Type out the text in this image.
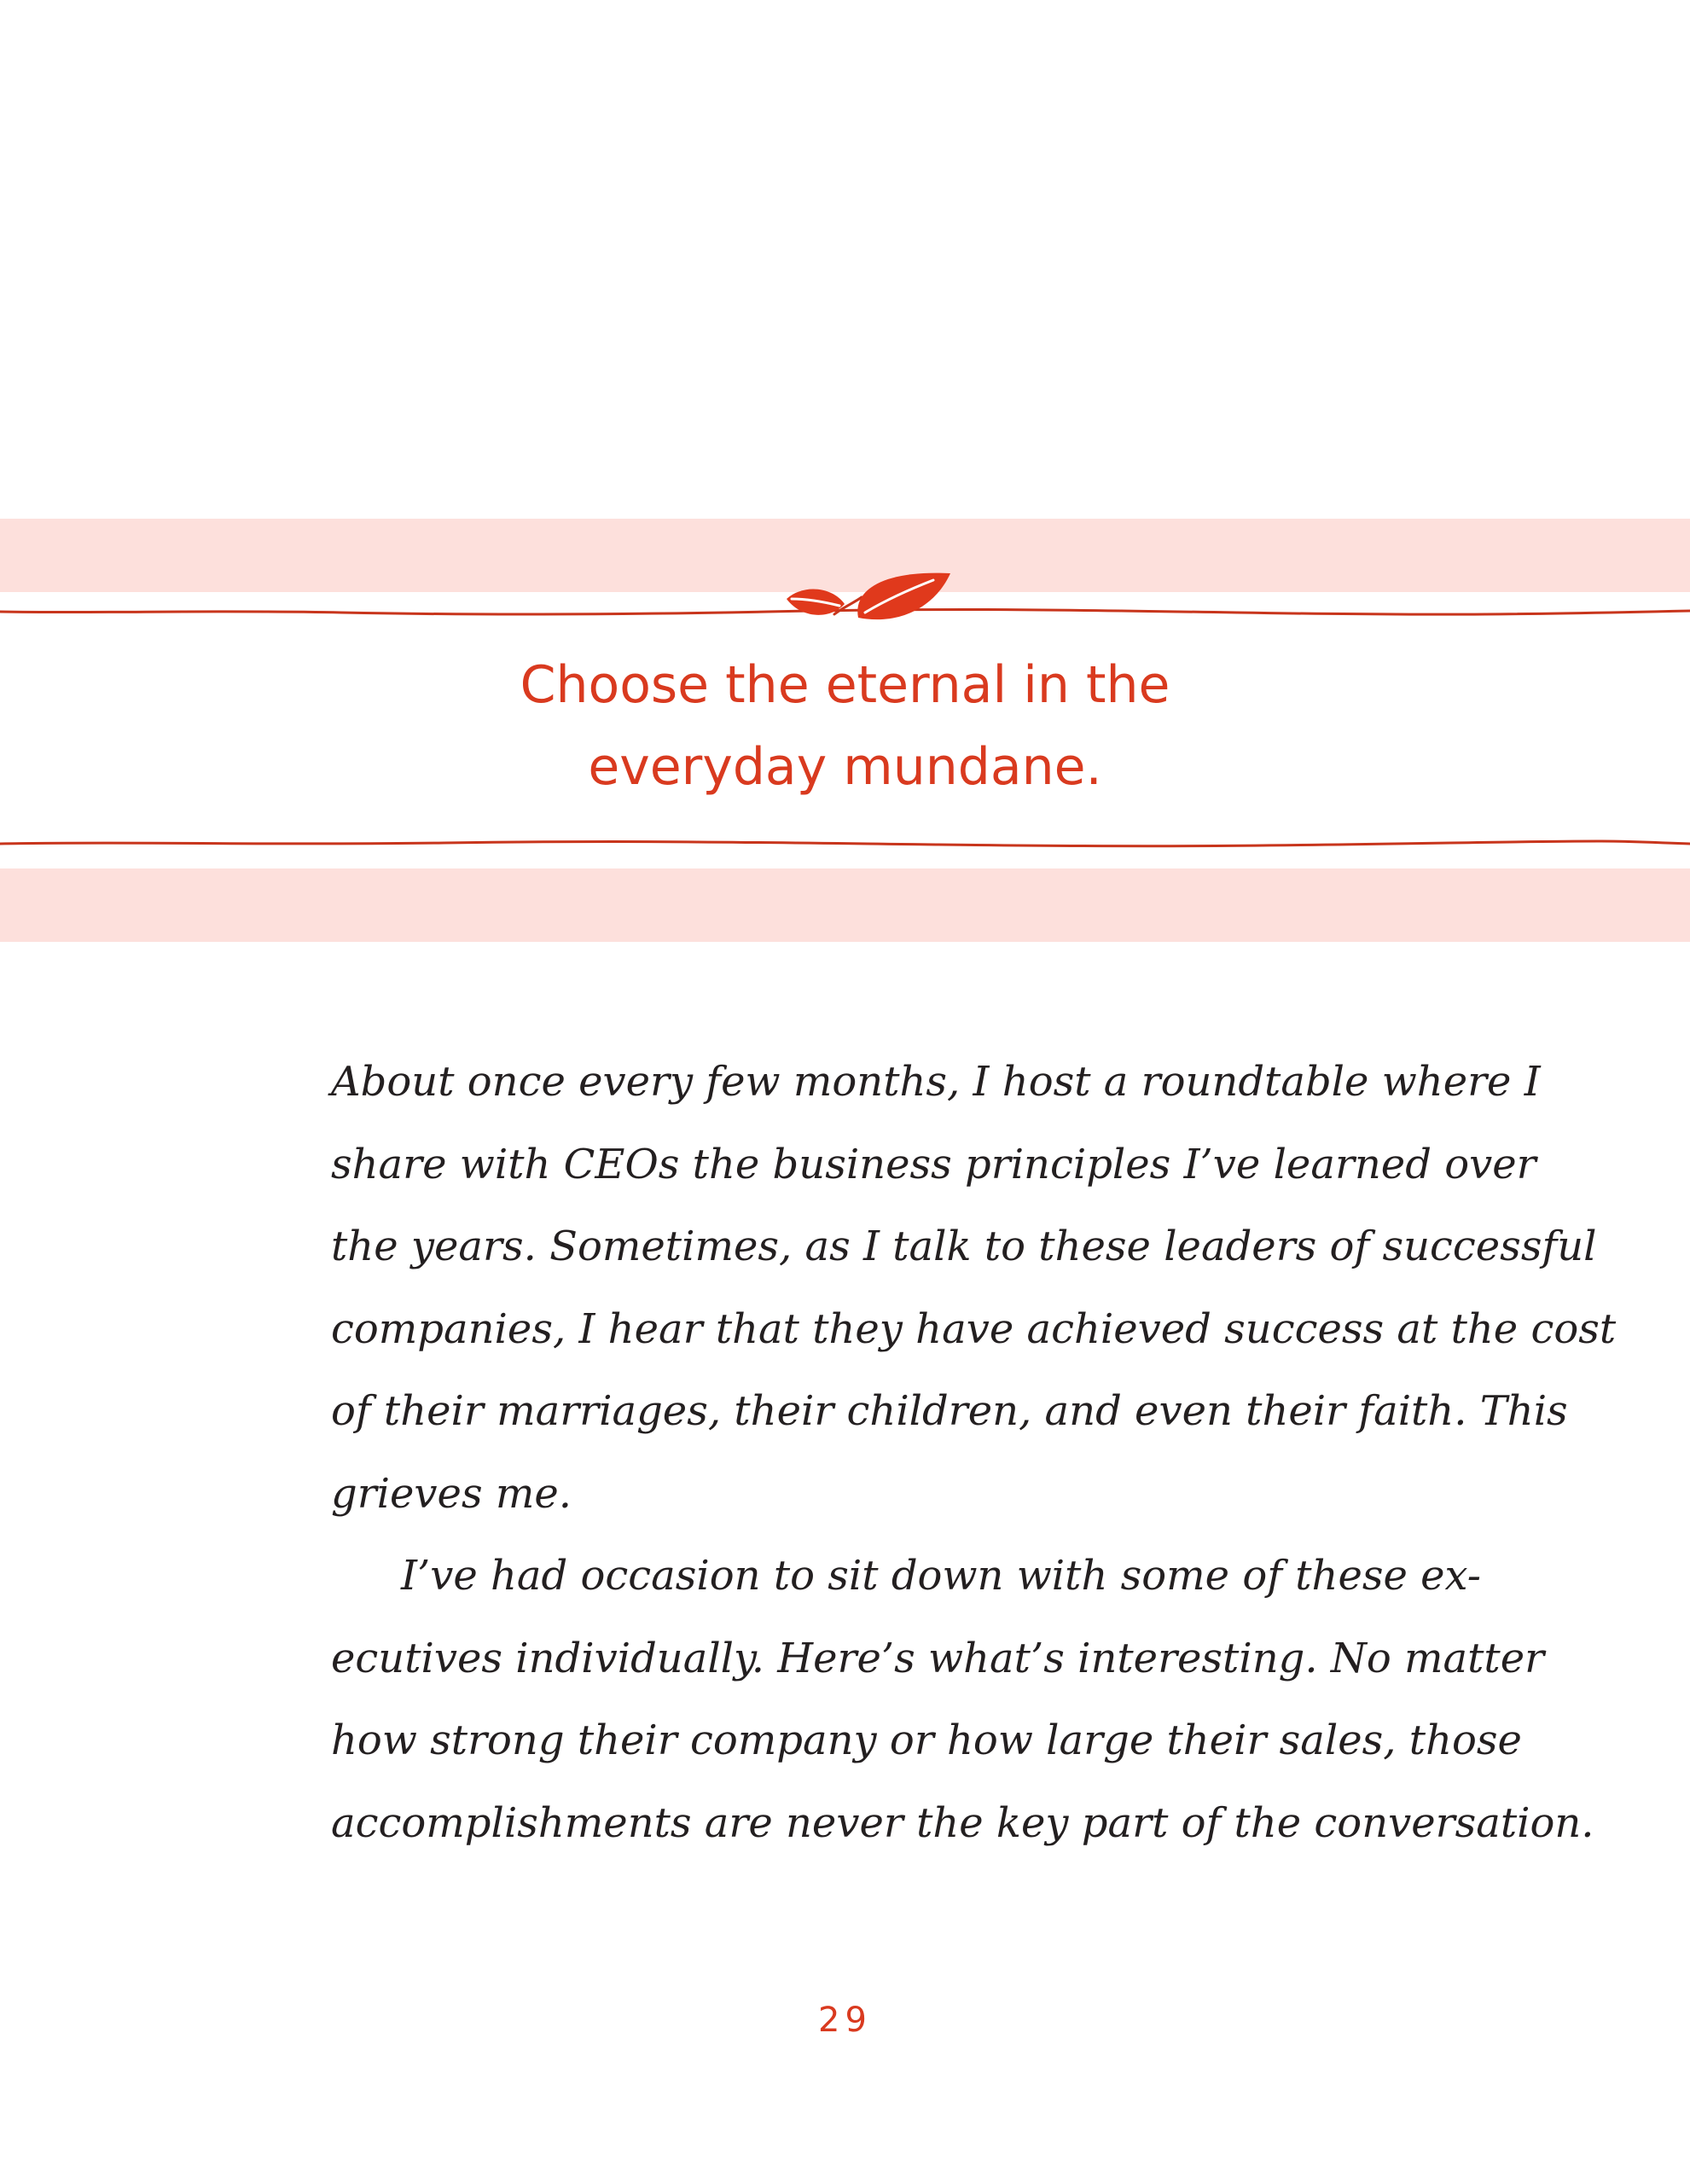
Choose the eternal in the
everyday mundane.
About once every few months, I host a roundtable where I
share with CEOs the business principles I’ve learned over
the years. Sometimes, as I talk to these leaders of successful
companies, I hear that they have achieved success at the cost
of their marriages, their children, and even their faith. This
grieves me.
I’ve had occasion to sit down with some of these ex-
ecutives individually. Here’s what’s interesting. No matter
how strong their company or how large their sales, those
accomplishments are never the key part of the conversation.
29
